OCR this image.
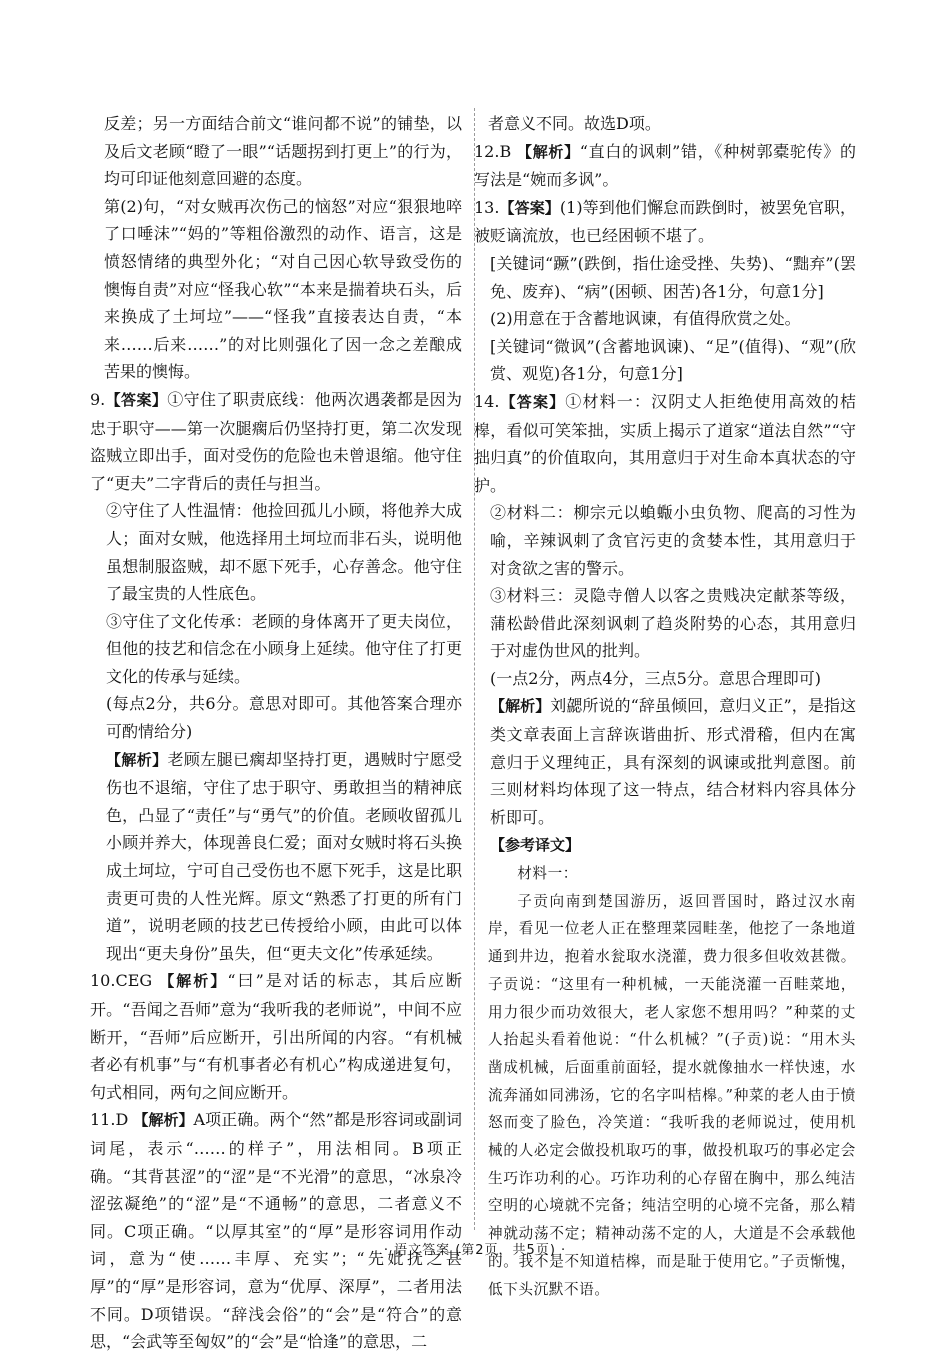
反差；另一方面结合前文“谁问都不说”的铺垫，以及后文老顾“瞪了一眼”“话题拐到打更上”的行为，均可印证他刻意回避的态度。

第(2)句，“对女贼再次伤己的恼怒”对应“狠狠地啐了口唾沫”“妈的”等粗俗激烈的动作、语言，这是愤怒情绪的典型外化；“对自己因心软导致受伤的懊悔自责”对应“怪我心软”“本来是揣着块石头，后来换成了土坷垃”——“怪我”直接表达自责，“本来……后来……”的对比则强化了因一念之差酿成苦果的懊悔。

9.【答案】①守住了职责底线：他两次遇袭都是因为忠于职守——第一次腿瘸后仍坚持打更，第二次发现盗贼立即出手，面对受伤的危险也未曾退缩。他守住了“更夫”二字背后的责任与担当。

②守住了人性温情：他捡回孤儿小顾，将他养大成人；面对女贼，他选择用土坷垃而非石头，说明他虽想制服盗贼，却不愿下死手，心存善念。他守住了最宝贵的人性底色。

③守住了文化传承：老顾的身体离开了更夫岗位，但他的技艺和信念在小顾身上延续。他守住了打更文化的传承与延续。

(每点2分，共6分。意思对即可。其他答案合理亦可酌情给分)

【解析】老顾左腿已瘸却坚持打更，遇贼时宁愿受伤也不退缩，守住了忠于职守、勇敢担当的精神底色，凸显了“责任”与“勇气”的价值。老顾收留孤儿小顾并养大，体现善良仁爱；面对女贼时将石头换成土坷垃，宁可自己受伤也不愿下死手，这是比职责更可贵的人性光辉。原文“熟悉了打更的所有门道”，说明老顾的技艺已传授给小顾，由此可以体现出“更夫身份”虽失，但“更夫文化”传承延续。

10.CEG 【解析】“曰”是对话的标志，其后应断开。“吾闻之吾师”意为“我听我的老师说”，中间不应断开，“吾师”后应断开，引出所闻的内容。“有机械者必有机事”与“有机事者必有机心”构成递进复句，句式相同，两句之间应断开。

11.D 【解析】A项正确。两个“然”都是形容词或副词词尾，表示“……的样子”，用法相同。B项正确。“其背甚涩”的“涩”是“不光滑”的意思，“冰泉冷涩弦凝绝”的“涩”是“不通畅”的意思，二者意义不同。C项正确。“以厚其室”的“厚”是形容词用作动词，意为“使……丰厚、充实”；“先妣抚之甚厚”的“厚”是形容词，意为“优厚、深厚”，二者用法不同。D项错误。“辞浅会俗”的“会”是“符合”的意思，“会武等至匈奴”的“会”是“恰逢”的意思，二

者意义不同。故选D项。

12.B 【解析】“直白的讽刺”错，《种树郭橐驼传》的写法是“婉而多讽”。

13.【答案】(1)等到他们懈怠而跌倒时，被罢免官职，被贬谪流放，也已经困顿不堪了。

[关键词“蹶”(跌倒，指仕途受挫、失势)、“黜弃”(罢免、废弃)、“病”(困顿、困苦)各1分，句意1分]

(2)用意在于含蓄地讽谏，有值得欣赏之处。

[关键词“微讽”(含蓄地讽谏)、“足”(值得)、“观”(欣赏、观览)各1分，句意1分]

14.【答案】①材料一：汉阴丈人拒绝使用高效的桔槔，看似可笑笨拙，实质上揭示了道家“道法自然”“守拙归真”的价值取向，其用意归于对生命本真状态的守护。

②材料二：柳宗元以蝜蝂小虫负物、爬高的习性为喻，辛辣讽刺了贪官污吏的贪婪本性，其用意归于对贪欲之害的警示。

③材料三：灵隐寺僧人以客之贵贱决定献茶等级，蒲松龄借此深刻讽刺了趋炎附势的心态，其用意归于对虚伪世风的批判。

(一点2分，两点4分，三点5分。意思合理即可)

【解析】刘勰所说的“辞虽倾回，意归义正”，是指这类文章表面上言辞诙谐曲折、形式滑稽，但内在寓意归于义理纯正，具有深刻的讽谏或批判意图。前三则材料均体现了这一特点，结合材料内容具体分析即可。

【参考译文】

材料一：

子贡向南到楚国游历，返回晋国时，路过汉水南岸，看见一位老人正在整理菜园畦垄，他挖了一条地道通到井边，抱着水瓮取水浇灌，费力很多但收效甚微。子贡说：“这里有一种机械，一天能浇灌一百畦菜地，用力很少而功效很大，老人家您不想用吗？”种菜的丈人抬起头看着他说：“什么机械？”(子贡)说：“用木头凿成机械，后面重前面轻，提水就像抽水一样快速，水流奔涌如同沸汤，它的名字叫桔槔。”种菜的老人由于愤怒而变了脸色，冷笑道：“我听我的老师说过，使用机械的人必定会做投机取巧的事，做投机取巧的事必定会生巧诈功利的心。巧诈功利的心存留在胸中，那么纯洁空明的心境就不完备；纯洁空明的心境不完备，那么精神就动荡不定；精神动荡不定的人，大道是不会承载他的。我不是不知道桔槔，而是耻于使用它。”子贡惭愧，低下头沉默不语。

· 语文答案 (第2页，共5页) ·
